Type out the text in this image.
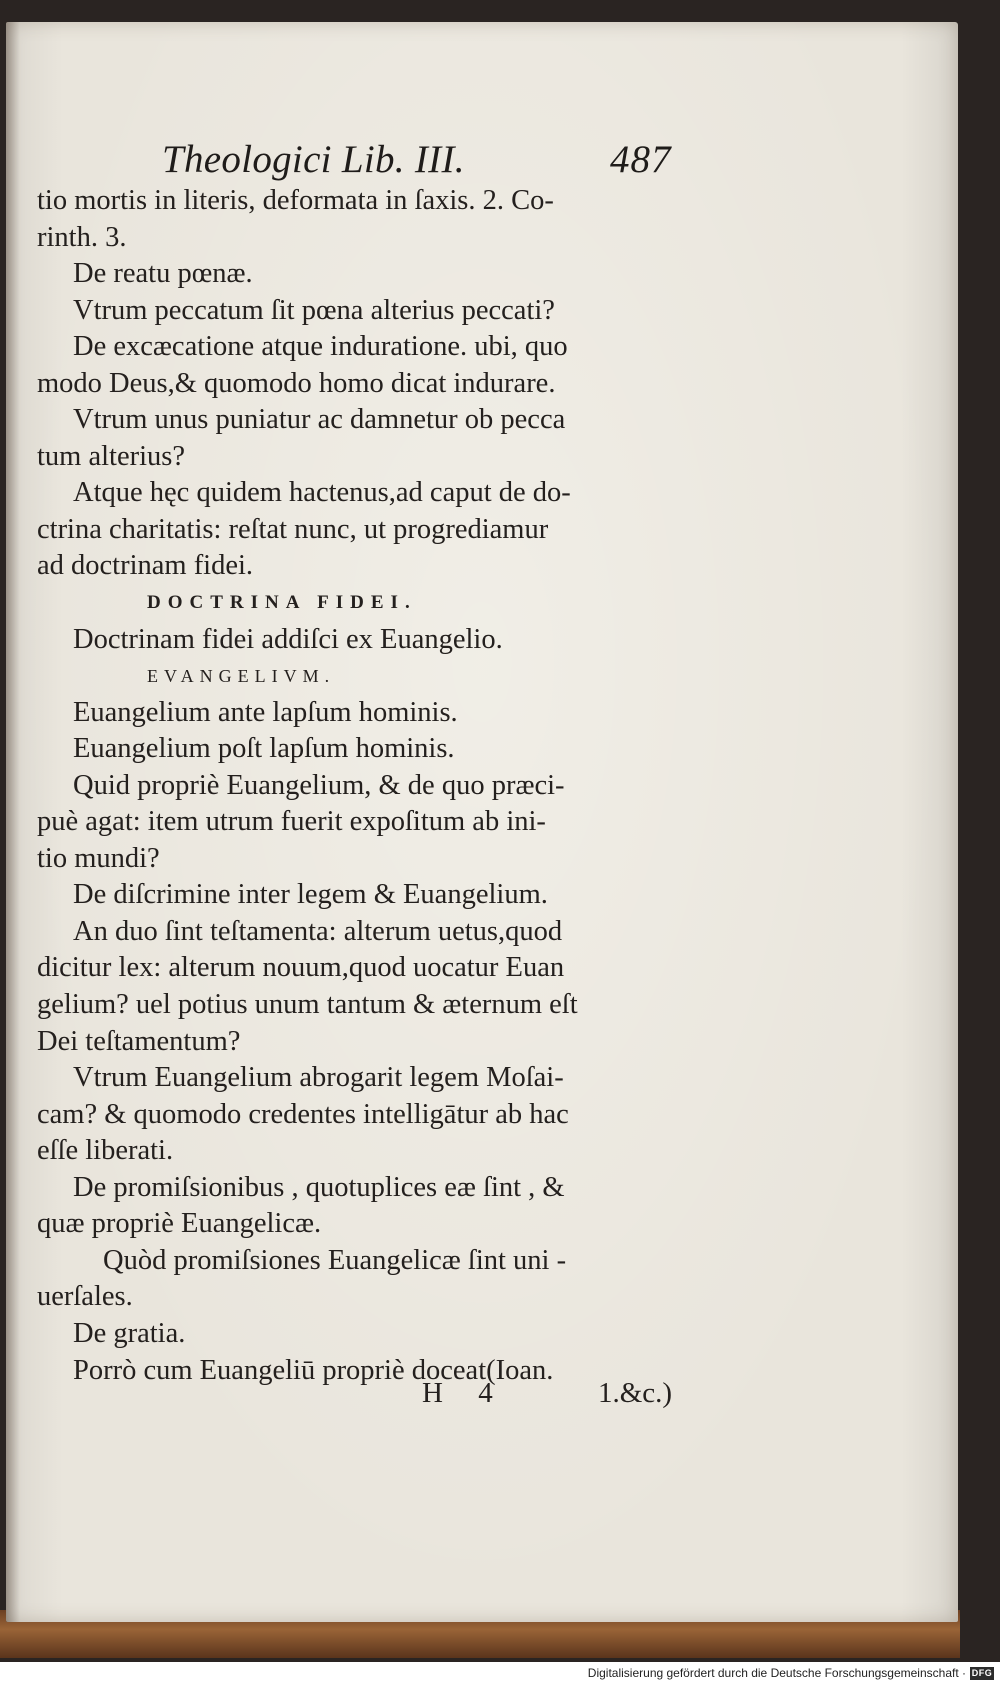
Theologici Lib. III.	487
tio mortis in literis, deformata in ſaxis. 2. Co-
rinth. 3.
De reatu pœnæ.
Vtrum peccatum ſit pœna alterius peccati?
De excæcatione atque induratione. ubi, quo
modo Deus,& quomodo homo dicat indurare.
Vtrum unus puniatur ac damnetur ob pecca
tum alterius?
Atque hęc quidem hactenus,ad caput de do-
ctrina charitatis: reſtat nunc, ut progrediamur
ad doctrinam fidei.
DOCTRINA FIDEI.
Doctrinam fidei addiſci ex Euangelio.
EVANGELIVM.
Euangelium ante lapſum hominis.
Euangelium poſt lapſum hominis.
Quid propriè Euangelium, & de quo præci-
puè agat: item utrum fuerit expoſitum ab ini-
tio mundi?
De diſcrimine inter legem & Euangelium.
An duo ſint teſtamenta: alterum uetus,quod
dicitur lex: alterum nouum,quod uocatur Euan
gelium? uel potius unum tantum & æternum eſt
Dei teſtamentum?
Vtrum Euangelium abrogarit legem Moſai-
cam? & quomodo credentes intelligātur ab hac
eſſe liberati.
De promiſsionibus , quotuplices eæ ſint , &
quæ propriè Euangelicæ.
Quòd promiſsiones Euangelicæ ſint uni -
uerſales.
De gratia.
Porrò cum Euangeliū propriè doceat(Ioan.
H 4	1.&c.)
Digitalisierung gefördert durch die Deutsche Forschungsgemeinschaft · DFG
